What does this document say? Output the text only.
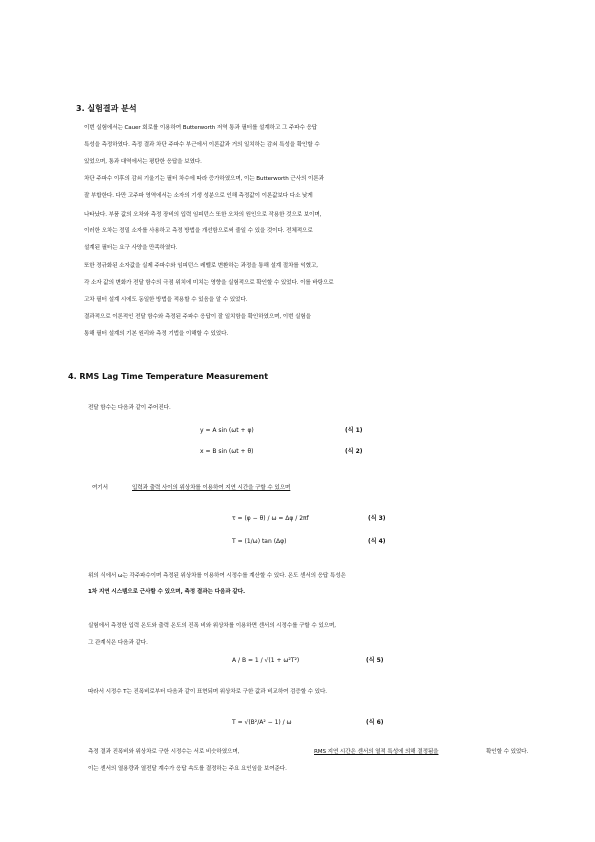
3. 실험결과 분석
이번 실험에서는 Cauer 회로를 이용하여 Butterworth 저역 통과 필터를 설계하고 그 주파수 응답
특성을 측정하였다. 측정 결과 차단 주파수 부근에서 이론값과 거의 일치하는 감쇠 특성을 확인할 수
있었으며, 통과 대역에서는 평탄한 응답을 보였다.
차단 주파수 이후의 감쇠 기울기는 필터 차수에 따라 증가하였으며, 이는 Butterworth 근사의 이론과
잘 부합한다. 다만 고주파 영역에서는 소자의 기생 성분으로 인해 측정값이 이론값보다 다소 낮게
나타났다. 부품 값의 오차와 측정 장비의 입력 임피던스 또한 오차의 원인으로 작용한 것으로 보이며,
이러한 오차는 정밀 소자를 사용하고 측정 방법을 개선함으로써 줄일 수 있을 것이다. 전체적으로
설계된 필터는 요구 사양을 만족하였다.
또한 정규화된 소자값을 실제 주파수와 임피던스 레벨로 변환하는 과정을 통해 설계 절차를 익혔고,
각 소자 값의 변화가 전달 함수의 극점 위치에 미치는 영향을 실험적으로 확인할 수 있었다. 이를 바탕으로
고차 필터 설계 시에도 동일한 방법을 적용할 수 있음을 알 수 있었다.
결과적으로 이론적인 전달 함수와 측정된 주파수 응답이 잘 일치함을 확인하였으며, 이번 실험을
통해 필터 설계의 기본 원리와 측정 기법을 이해할 수 있었다.
4. RMS Lag Time Temperature Measurement
전달 함수는 다음과 같이 주어진다.
y = A sin (ωt + φ)	(식 1)
x = B sin (ωt + θ)	(식 2)
여기서	입력과 출력 사이의 위상차를 이용하여 지연 시간을 구할 수 있으며
τ = (φ − θ) / ω = Δφ / 2πf	(식 3)
T = (1/ω) tan (Δφ)	(식 4)
위의 식에서 ω는 각주파수이며 측정된 위상차를 이용하여 시정수를 계산할 수 있다. 온도 센서의 응답 특성은
1차 지연 시스템으로 근사할 수 있으며, 측정 결과는 다음과 같다.
실험에서 측정한 입력 온도와 출력 온도의 진폭 비와 위상차를 이용하면 센서의 시정수를 구할 수 있으며,
그 관계식은 다음과 같다.
A / B = 1 / √(1 + ω²T²)	(식 5)
따라서 시정수 T는 진폭비로부터 다음과 같이 표현되며 위상차로 구한 값과 비교하여 검증할 수 있다.
T = √(B²/A² − 1) / ω	(식 6)
측정 결과 진폭비와 위상차로 구한 시정수는 서로 비슷하였으며,	RMS 지연 시간은 센서의 열적 특성에 의해 결정됨을	확인할 수 있었다.
이는 센서의 열용량과 열전달 계수가 응답 속도를 결정하는 주요 요인임을 보여준다.
